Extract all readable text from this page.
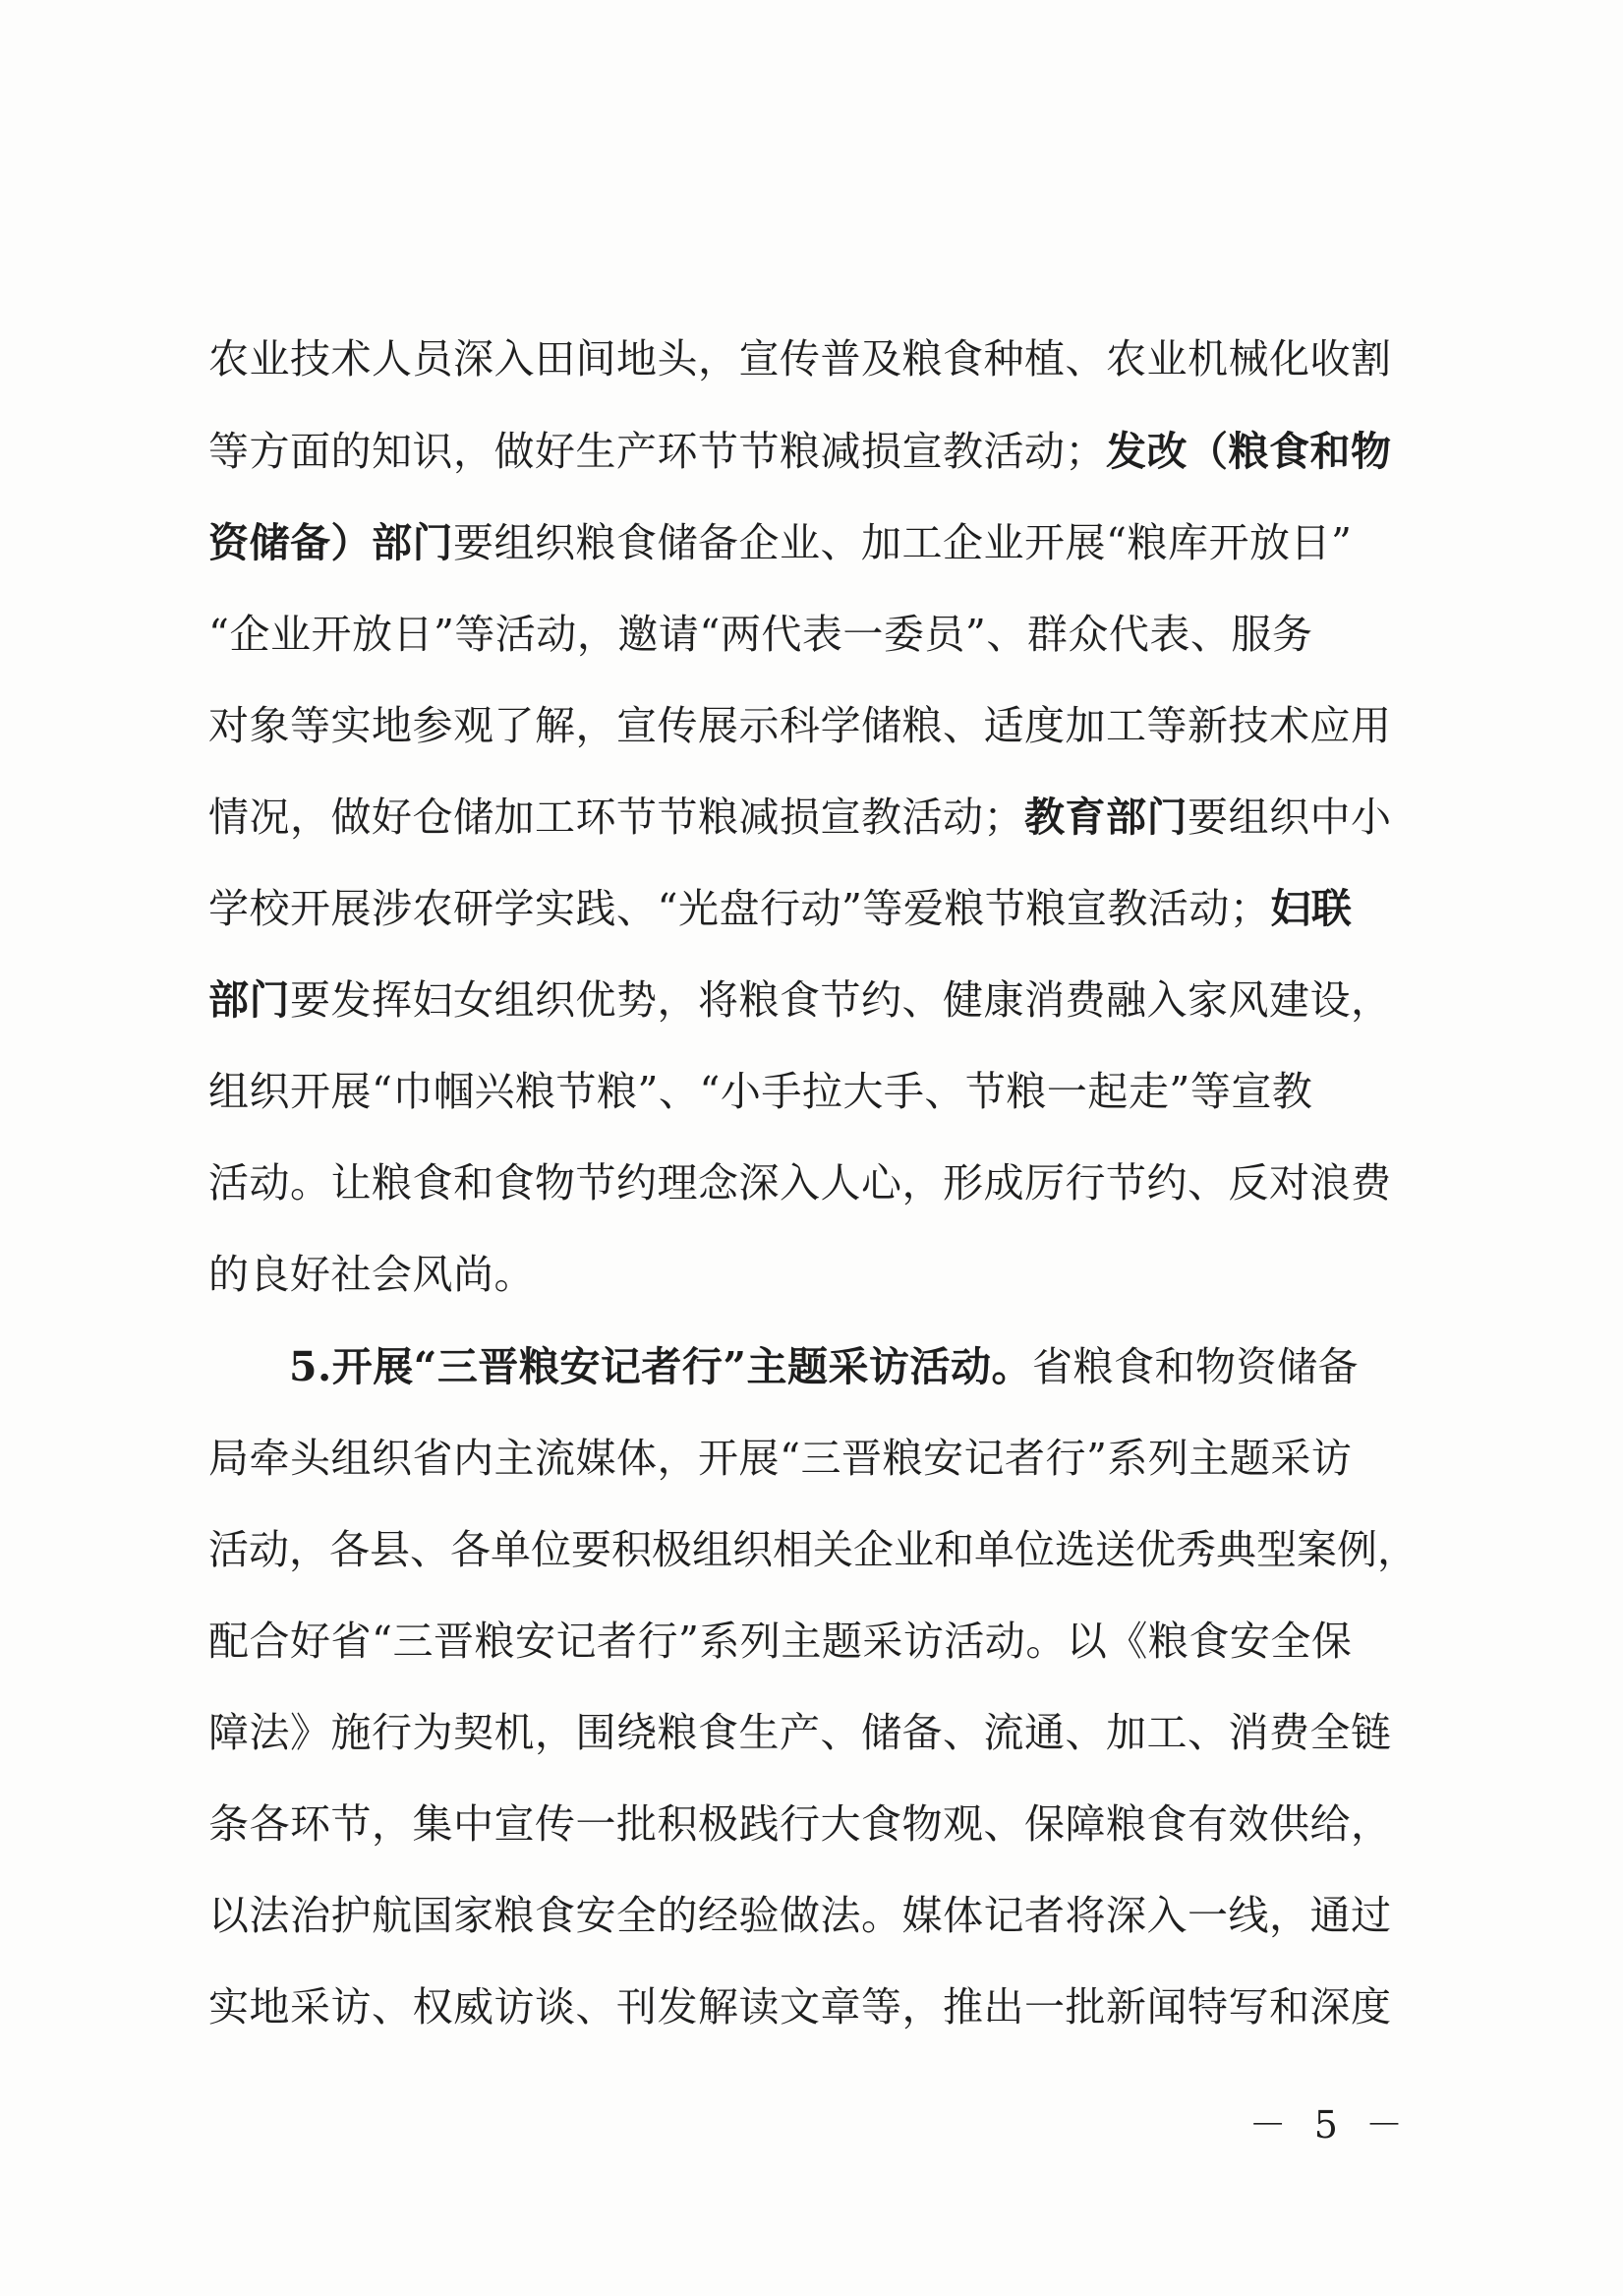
农业技术人员深入田间地头，宣传普及粮食种植、农业机械化收割
等方面的知识，做好生产环节节粮减损宣教活动；发改（粮食和物
资储备）部门要组织粮食储备企业、加工企业开展“粮库开放日”
“企业开放日”等活动，邀请“两代表一委员”、群众代表、服务
对象等实地参观了解，宣传展示科学储粮、适度加工等新技术应用
情况，做好仓储加工环节节粮减损宣教活动；教育部门要组织中小
学校开展涉农研学实践、“光盘行动”等爱粮节粮宣教活动；妇联
部门要发挥妇女组织优势，将粮食节约、健康消费融入家风建设，
组织开展“巾帼兴粮节粮”、“小手拉大手、节粮一起走”等宣教
活动。让粮食和食物节约理念深入人心，形成厉行节约、反对浪费
的良好社会风尚。
5.开展“三晋粮安记者行”主题采访活动。省粮食和物资储备
局牵头组织省内主流媒体，开展“三晋粮安记者行”系列主题采访
活动，各县、各单位要积极组织相关企业和单位选送优秀典型案例，
配合好省“三晋粮安记者行”系列主题采访活动。以《粮食安全保
障法》施行为契机，围绕粮食生产、储备、流通、加工、消费全链
条各环节，集中宣传一批积极践行大食物观、保障粮食有效供给，
以法治护航国家粮食安全的经验做法。媒体记者将深入一线，通过
实地采访、权威访谈、刊发解读文章等，推出一批新闻特写和深度
－ 5 －
